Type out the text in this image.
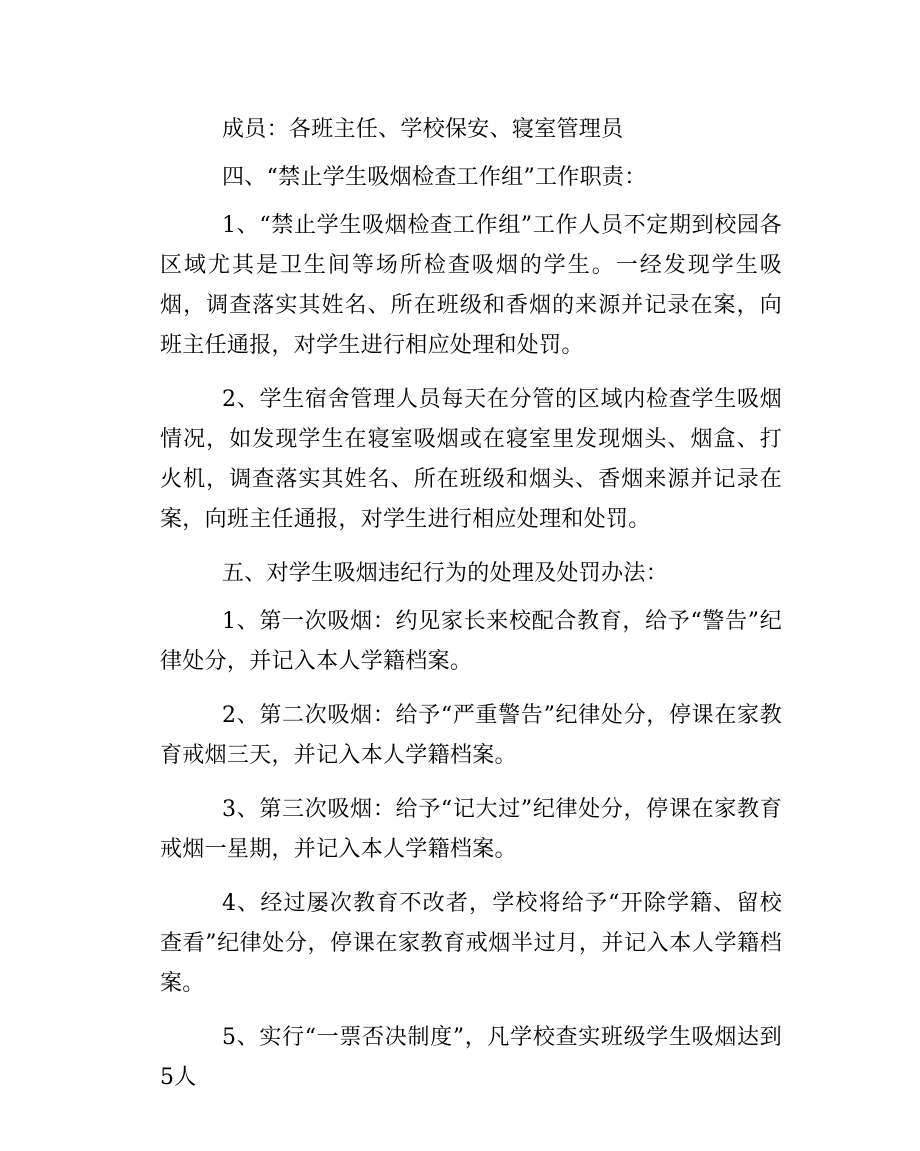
成员：各班主任、学校保安、寝室管理员

四、“禁止学生吸烟检查工作组”工作职责：

1、“禁止学生吸烟检查工作组”工作人员不定期到校园各区域尤其是卫生间等场所检查吸烟的学生。一经发现学生吸烟，调查落实其姓名、所在班级和香烟的来源并记录在案，向班主任通报，对学生进行相应处理和处罚。

2、学生宿舍管理人员每天在分管的区域内检查学生吸烟情况，如发现学生在寝室吸烟或在寝室里发现烟头、烟盒、打火机，调查落实其姓名、所在班级和烟头、香烟来源并记录在案，向班主任通报，对学生进行相应处理和处罚。

五、对学生吸烟违纪行为的处理及处罚办法：

1、第一次吸烟：约见家长来校配合教育，给予“警告”纪律处分，并记入本人学籍档案。

2、第二次吸烟：给予“严重警告”纪律处分，停课在家教育戒烟三天，并记入本人学籍档案。

3、第三次吸烟：给予“记大过”纪律处分，停课在家教育戒烟一星期，并记入本人学籍档案。

4、经过屡次教育不改者，学校将给予“开除学籍、留校查看”纪律处分，停课在家教育戒烟半过月，并记入本人学籍档案。

5、实行“一票否决制度”，凡学校查实班级学生吸烟达到5人
